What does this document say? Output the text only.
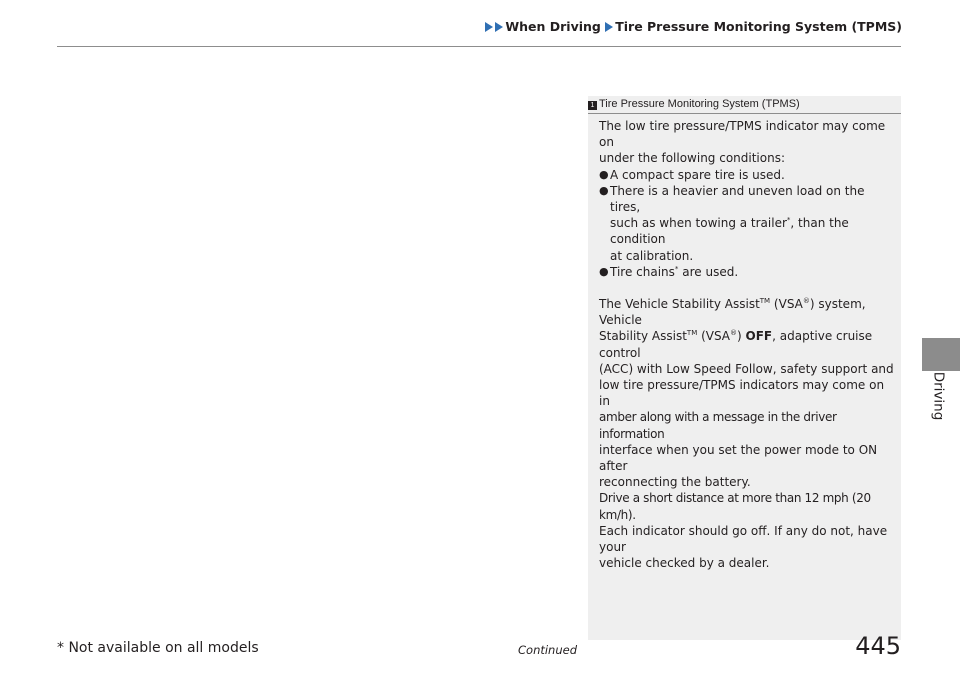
When Driving Tire Pressure Monitoring System (TPMS)
Driving
1 Tire Pressure Monitoring System (TPMS)

The low tire pressure/TPMS indicator may come on

under the following conditions:

● A compact spare tire is used.

● There is a heavier and uneven load on the tires,
such as when towing a trailer*, than the condition
at calibration.

● Tire chains* are used.

The Vehicle Stability Assist™ (VSA®) system, Vehicle

Stability Assist™ (VSA®) OFF, adaptive cruise control

(ACC) with Low Speed Follow, safety support and

low tire pressure/TPMS indicators may come on in

amber along with a message in the driver information

interface when you set the power mode to ON after

reconnecting the battery.

Drive a short distance at more than 12 mph (20 km/h).

Each indicator should go off. If any do not, have your

vehicle checked by a dealer.

* Not available on all models	Continued	445
